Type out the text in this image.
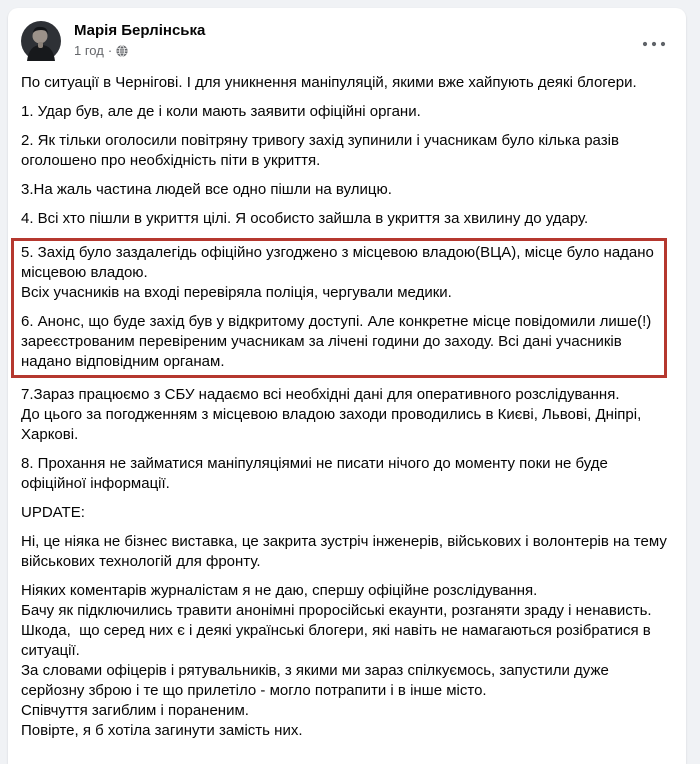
Марія Берлінська
1 год ·

По ситуації в Чернігові. І для уникнення маніпуляцій, якими вже хайпують деякі блогери.

1. Удар був, але де і коли мають заявити офіційні органи.

2. Як тільки оголосили повітряну тривогу захід зупинили і учасникам було кілька разів оголошено про необхідність піти в укриття.

3.На жаль частина людей все одно пішли на вулицю.

4. Всі хто пішли в укриття цілі. Я особисто зайшла в укриття за хвилину до удару.

5. Захід було заздалегідь офіційно узгоджено з місцевою владою(ВЦА), місце було надано місцевою владою.
Всіх учасників на вході перевіряла поліція, чергували медики.

6. Анонс, що буде захід був у відкритому доступі. Але конкретне місце повідомили лише(!) зареєстрованим перевіреним учасникам за лічені години до заходу. Всі дані учасників надано відповідним органам.

7.Зараз працюємо з СБУ надаємо всі необхідні дані для оперативного розслідування.
До цього за погодженням з місцевою владою заходи проводились в Києві, Львові, Дніпрі, Харкові.

8. Прохання не займатися маніпуляціямиі не писати нічого до моменту поки не буде офіційної інформації.

UPDATE:

Ні, це ніяка не бізнес виставка, це закрита зустріч інженерів, військових і волонтерів на тему військових технологій для фронту.

Ніяких коментарів журналістам я не даю, спершу офіційне розслідування.
Бачу як підключились травити анонімні проросійські екаунти, розганяти зраду і ненависть.
Шкода,  що серед них є і деякі українські блогери, які навіть не намагаються розібратися в ситуації.
За словами офіцерів і рятувальників, з якими ми зараз спілкуємось, запустили дуже серйозну зброю і те що прилетіло - могло потрапити і в інше місто.
Співчуття загиблим і пораненим.
Повірте, я б хотіла загинути замість них.
